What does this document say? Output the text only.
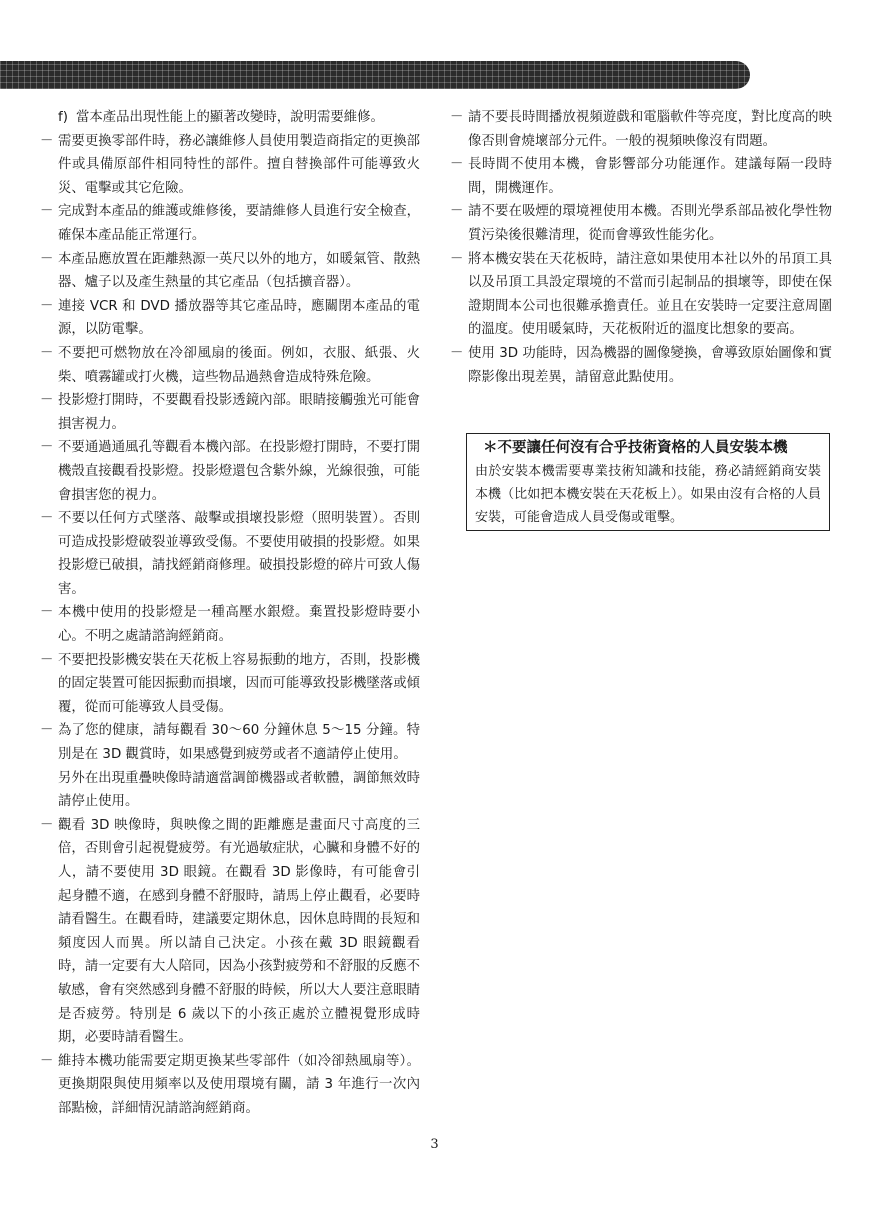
f) 當本產品出現性能上的顯著改變時，說明需要維修。
－ 需要更換零部件時，務必讓維修人員使用製造商指定的更換部件或具備原部件相同特性的部件。擅自替換部件可能導致火災、電擊或其它危險。
－ 完成對本產品的維護或維修後，要請維修人員進行安全檢查，確保本產品能正常運行。
－ 本產品應放置在距離熱源一英尺以外的地方，如暖氣管、散熱器、爐子以及產生熱量的其它產品（包括擴音器）。
－ 連接 VCR 和 DVD 播放器等其它產品時，應關閉本產品的電源，以防電擊。
－ 不要把可燃物放在冷卻風扇的後面。例如，衣服、紙張、火柴、噴霧罐或打火機，這些物品過熱會造成特殊危險。
－ 投影燈打開時，不要觀看投影透鏡內部。眼睛接觸強光可能會損害視力。
－ 不要通過通風孔等觀看本機內部。在投影燈打開時，不要打開機殼直接觀看投影燈。投影燈還包含紫外線，光線很強，可能會損害您的視力。
－ 不要以任何方式墜落、敲擊或損壞投影燈（照明裝置）。否則可造成投影燈破裂並導致受傷。不要使用破損的投影燈。如果投影燈已破損，請找經銷商修理。破損投影燈的碎片可致人傷害。
－ 本機中使用的投影燈是一種高壓水銀燈。棄置投影燈時要小心。不明之處請諮詢經銷商。
－ 不要把投影機安裝在天花板上容易振動的地方，否則，投影機的固定裝置可能因振動而損壞，因而可能導致投影機墜落或傾覆，從而可能導致人員受傷。
－ 為了您的健康，請每觀看 30～60 分鐘休息 5～15 分鐘。特別是在 3D 觀賞時，如果感覺到疲勞或者不適請停止使用。
另外在出現重疊映像時請適當調節機器或者軟體，調節無效時請停止使用。
－ 觀看 3D 映像時，與映像之間的距離應是畫面尺寸高度的三倍，否則會引起視覺疲勞。有光過敏症狀，心臟和身體不好的人，請不要使用 3D 眼鏡。在觀看 3D 影像時，有可能會引起身體不適，在感到身體不舒服時，請馬上停止觀看，必要時請看醫生。在觀看時，建議要定期休息，因休息時間的長短和頻度因人而異。所以請自己決定。小孩在戴 3D 眼鏡觀看時，請一定要有大人陪同，因為小孩對疲勞和不舒服的反應不敏感，會有突然感到身體不舒服的時候，所以大人要注意眼睛是否疲勞。特別是 6 歲以下的小孩正處於立體視覺形成時期，必要時請看醫生。
－ 維持本機功能需要定期更換某些零部件（如冷卻熱風扇等）。更換期限與使用頻率以及使用環境有關，請 3 年進行一次內部點檢，詳細情況請諮詢經銷商。
－ 請不要長時間播放視頻遊戲和電腦軟件等亮度，對比度高的映像否則會燒壞部分元件。一般的視頻映像沒有問題。
－ 長時間不使用本機，會影響部分功能運作。建議每隔一段時間，開機運作。
－ 請不要在吸煙的環境裡使用本機。否則光學系部品被化學性物質污染後很難清理，從而會導致性能劣化。
－ 將本機安裝在天花板時，請注意如果使用本社以外的吊頂工具以及吊頂工具設定環境的不當而引起制品的損壞等，即使在保證期間本公司也很難承擔責任。並且在安裝時一定要注意周圍的溫度。使用暖氣時，天花板附近的溫度比想象的要高。
－ 使用 3D 功能時，因為機器的圖像變換，會導致原始圖像和實際影像出現差異，請留意此點使用。
＊不要讓任何沒有合乎技術資格的人員安裝本機
由於安裝本機需要專業技術知識和技能，務必請經銷商安裝本機（比如把本機安裝在天花板上）。如果由沒有合格的人員安裝，可能會造成人員受傷或電擊。
3
